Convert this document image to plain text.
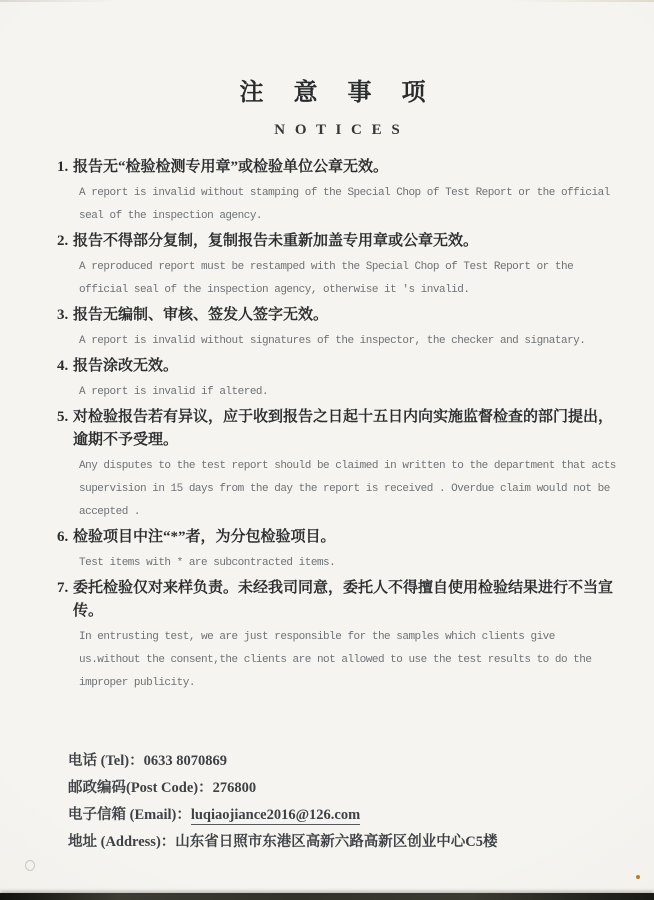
注 意 事 项
N O T I C E S
1. 报告无“检验检测专用章”或检验单位公章无效。
A report is invalid without stamping of the Special Chop of Test Report or the official seal of the inspection agency.
2. 报告不得部分复制，复制报告未重新加盖专用章或公章无效。
A reproduced report must be restamped with the Special Chop of Test Report or the official seal of the inspection agency, otherwise it 's invalid.
3. 报告无编制、审核、签发人签字无效。
A report is invalid without signatures of the inspector, the checker and signatary.
4. 报告涂改无效。
A report is invalid if altered.
5. 对检验报告若有异议，应于收到报告之日起十五日内向实施监督检查的部门提出，逾期不予受理。
Any disputes to the test report should be claimed in written to the department that acts supervision in 15 days from the day the report is received . Overdue claim would not be accepted .
6. 检验项目中注“*”者，为分包检验项目。
Test items with * are subcontracted items.
7. 委托检验仅对来样负责。未经我司同意，委托人不得擅自使用检验结果进行不当宣传。
In entrusting test, we are just responsible for the samples which clients give us.without the consent,the clients are not allowed to use the test results to do the improper publicity.
电话 (Tel)：0633 8070869
邮政编码(Post Code)：276800
电子信箱 (Email)：luqiaojiance2016@126.com
地址 (Address)：山东省日照市东港区高新六路高新区创业中心C5楼
